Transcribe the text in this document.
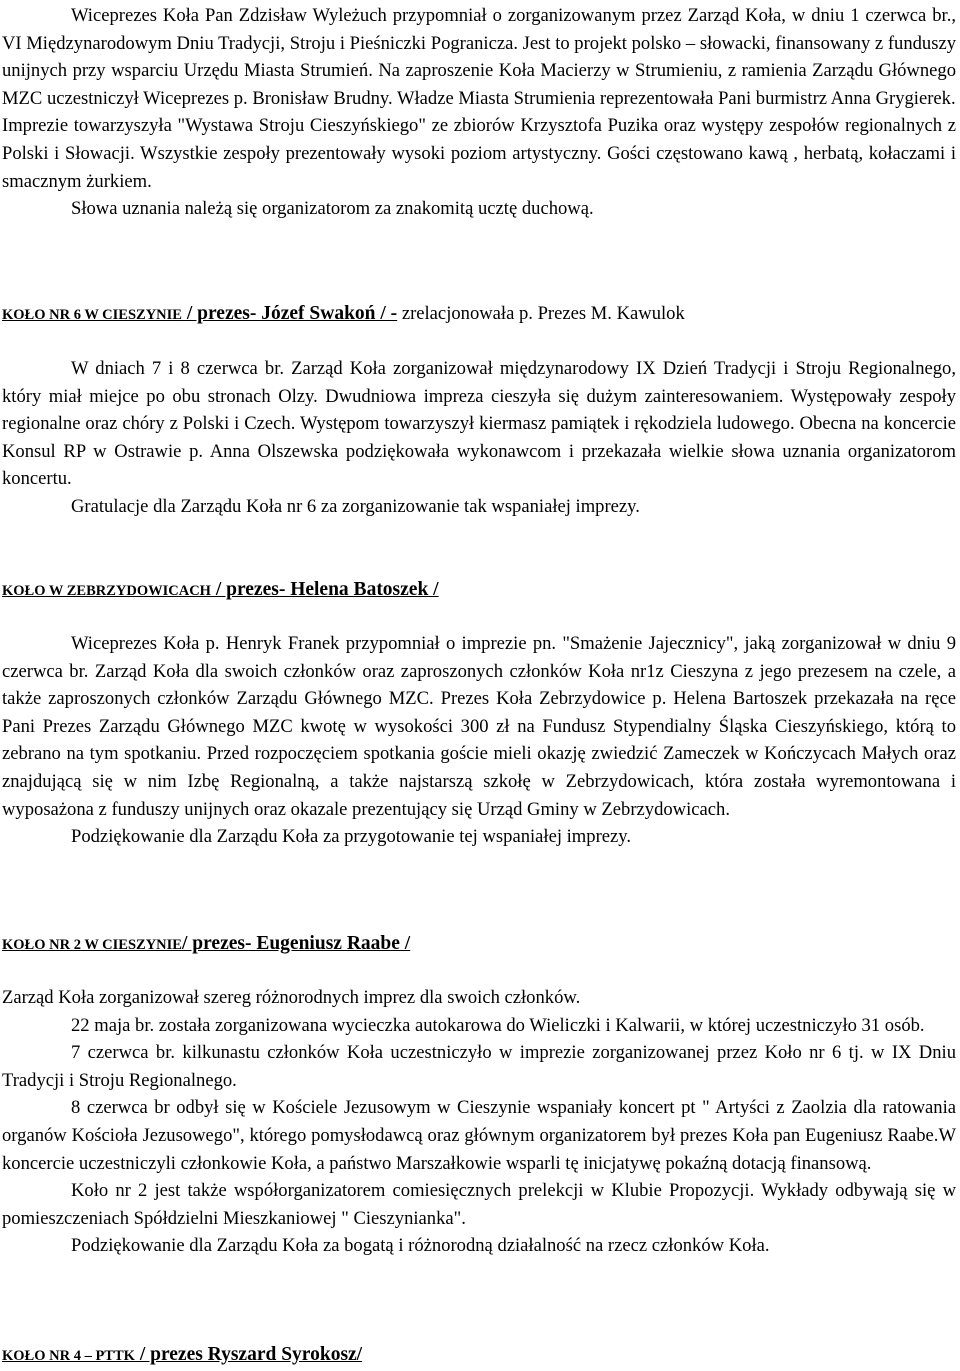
Wiceprezes Koła Pan Zdzisław Wyleżuch przypomniał o zorganizowanym przez Zarząd Koła, w dniu 1 czerwca br., VI Międzynarodowym Dniu Tradycji, Stroju i Pieśniczki Pogranicza. Jest to projekt polsko – słowacki, finansowany z funduszy unijnych przy wsparciu Urzędu Miasta Strumień. Na zaproszenie Koła Macierzy w Strumieniu, z ramienia Zarządu Głównego MZC uczestniczył Wiceprezes p. Bronisław Brudny. Władze Miasta Strumienia reprezentowała Pani burmistrz Anna Grygierek.

Imprezie towarzyszyła "Wystawa Stroju Cieszyńskiego" ze zbiorów Krzysztofa Puzika oraz występy zespołów regionalnych z Polski i Słowacji. Wszystkie zespoły prezentowały wysoki poziom artystyczny. Gości częstowano kawą , herbatą, kołaczami i smacznym żurkiem.

Słowa uznania należą się organizatorom za znakomitą ucztę duchową.

KOŁO NR 6 W CIESZYNIE / prezes- Józef Swakoń / - zrelacjonowała p. Prezes M. Kawulok

W dniach 7 i 8 czerwca br. Zarząd Koła zorganizował międzynarodowy IX Dzień Tradycji i Stroju Regionalnego, który miał miejce po obu stronach Olzy. Dwudniowa impreza cieszyła się dużym zainteresowaniem. Występowały zespoły regionalne oraz chóry z Polski i Czech. Występom towarzyszył kiermasz pamiątek i rękodziela ludowego. Obecna na koncercie Konsul RP w Ostrawie p. Anna Olszewska podziękowała wykonawcom i przekazała wielkie słowa uznania organizatorom koncertu.

Gratulacje dla Zarządu Koła nr 6 za zorganizowanie tak wspaniałej imprezy.

KOŁO W ZEBRZYDOWICACH / prezes- Helena Batoszek /

Wiceprezes Koła p. Henryk Franek przypomniał o imprezie pn. "Smażenie Jajecznicy", jaką zorganizował w dniu 9 czerwca br. Zarząd Koła dla swoich członków oraz zaproszonych członków Koła nr1z Cieszyna z jego prezesem na czele, a także zaproszonych członków Zarządu Głównego MZC. Prezes Koła Zebrzydowice p. Helena Bartoszek przekazała na ręce Pani Prezes Zarządu Głównego MZC kwotę w wysokości 300 zł na Fundusz Stypendialny Śląska Cieszyńskiego, którą to zebrano na tym spotkaniu. Przed rozpoczęciem spotkania goście mieli okazję zwiedzić Zameczek w Kończycach Małych oraz znajdującą się w nim Izbę Regionalną, a także najstarszą szkołę w Zebrzydowicach, która została wyremontowana i wyposażona z funduszy unijnych oraz okazale prezentujący się Urząd Gminy w Zebrzydowicach.

Podziękowanie dla Zarządu Koła za przygotowanie tej wspaniałej imprezy.

KOŁO NR 2 W CIESZYNIE/ prezes- Eugeniusz Raabe /

Zarząd Koła zorganizował szereg różnorodnych imprez dla swoich członków.

22 maja br. została zorganizowana wycieczka autokarowa do Wieliczki i Kalwarii, w której uczestniczyło 31 osób.

7 czerwca br. kilkunastu członków Koła uczestniczyło w imprezie zorganizowanej przez Koło nr 6 tj. w IX Dniu Tradycji i Stroju Regionalnego.

8 czerwca br odbył się w Kościele Jezusowym w Cieszynie wspaniały koncert pt " Artyści z Zaolzia dla ratowania organów Kościoła Jezusowego", którego pomysłodawcą oraz głównym organizatorem był prezes Koła pan Eugeniusz Raabe.W koncercie uczestniczyli członkowie Koła, a państwo Marszałkowie wsparli tę inicjatywę pokaźną dotacją finansową.

Koło nr 2 jest także współorganizatorem comiesięcznych prelekcji w Klubie Propozycji. Wykłady odbywają się w pomieszczeniach Spółdzielni Mieszkaniowej " Cieszynianka".

Podziękowanie dla Zarządu Koła za bogatą i różnorodną działalność na rzecz członków Koła.

KOŁO NR 4 – PTTK / prezes Ryszard Syrokosz/
